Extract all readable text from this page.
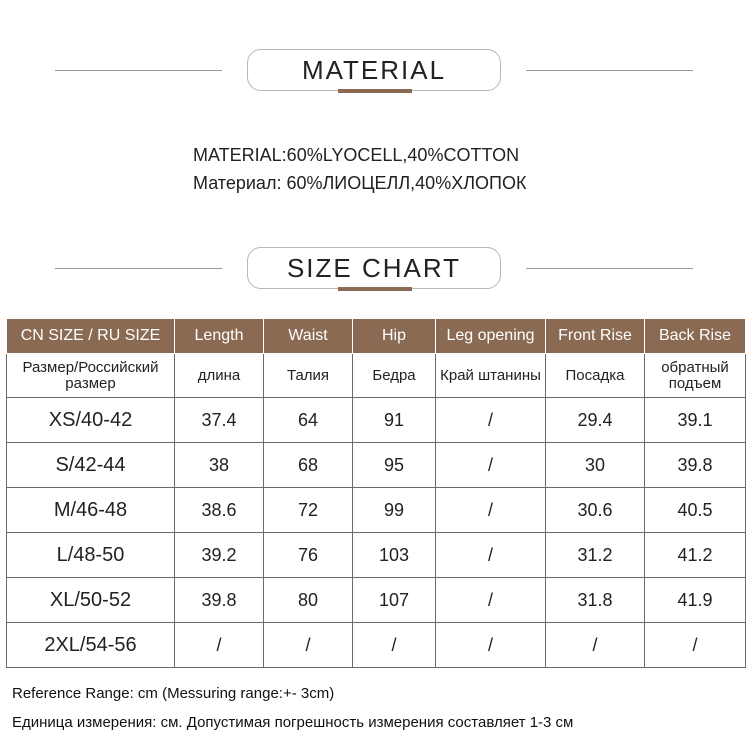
MATERIAL
MATERIAL:60%LYOCELL,40%COTTON
Материал: 60%ЛИОЦЕЛЛ,40%ХЛОПОК
SIZE CHART
CN SIZE / RU SIZE	Length	Waist	Hip	Leg opening	Front Rise	Back Rise
Размер/Российский размер	длина	Талия	Бедра	Край штанины	Посадка	обратный подъем
XS/40-42	37.4	64	91	/	29.4	39.1
S/42-44	38	68	95	/	30	39.8
M/46-48	38.6	72	99	/	30.6	40.5
L/48-50	39.2	76	103	/	31.2	41.2
XL/50-52	39.8	80	107	/	31.8	41.9
2XL/54-56	/	/	/	/	/	/
Reference Range: cm (Messuring range:+- 3cm)
Единица измерения: см. Допустимая погрешность измерения составляет 1-3 см
